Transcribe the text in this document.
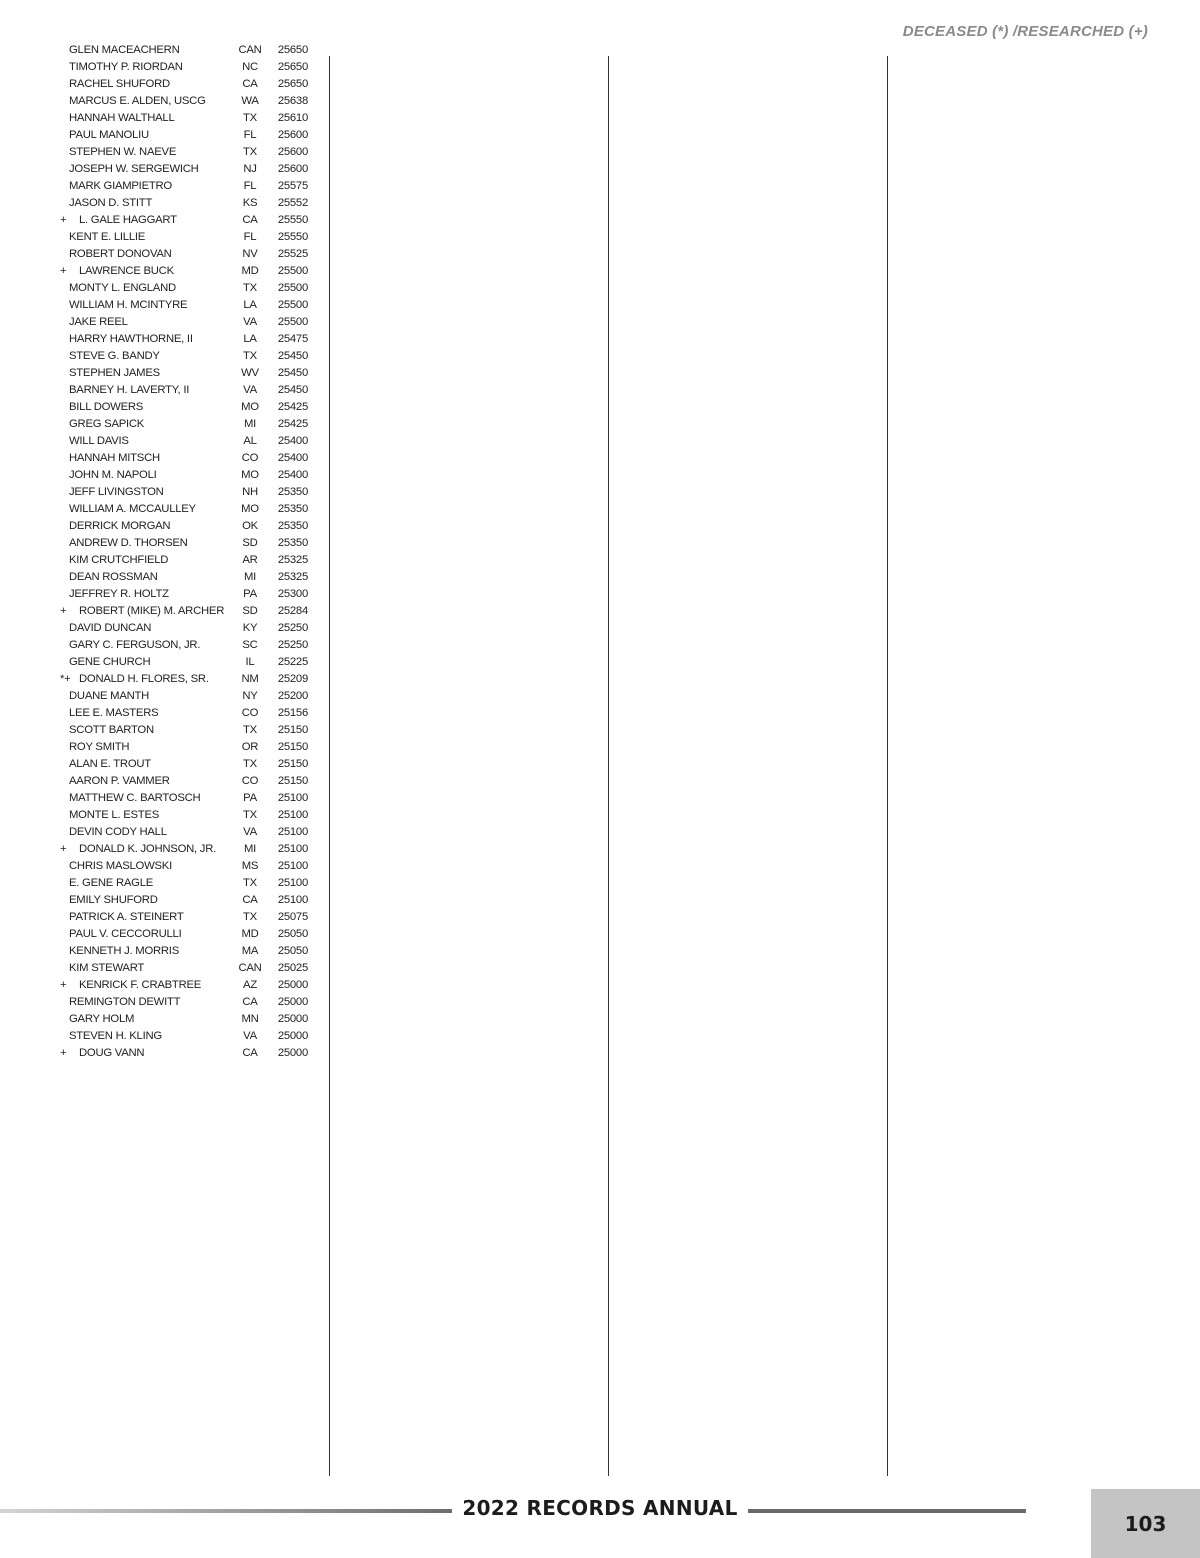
DECEASED (*) /RESEARCHED (+)
GLEN MACEACHERN	CAN	25650
TIMOTHY P. RIORDAN	NC	25650
RACHEL SHUFORD	CA	25650
MARCUS E. ALDEN, USCG	WA	25638
HANNAH WALTHALL	TX	25610
PAUL MANOLIU	FL	25600
STEPHEN W. NAEVE	TX	25600
JOSEPH W. SERGEWICH	NJ	25600
MARK GIAMPIETRO	FL	25575
JASON D. STITT	KS	25552
+	L. GALE HAGGART	CA	25550
KENT E. LILLIE	FL	25550
ROBERT DONOVAN	NV	25525
+	LAWRENCE BUCK	MD	25500
MONTY L. ENGLAND	TX	25500
WILLIAM H. MCINTYRE	LA	25500
JAKE REEL	VA	25500
HARRY HAWTHORNE, II	LA	25475
STEVE G. BANDY	TX	25450
STEPHEN JAMES	WV	25450
BARNEY H. LAVERTY, II	VA	25450
BILL DOWERS	MO	25425
GREG SAPICK	MI	25425
WILL DAVIS	AL	25400
HANNAH MITSCH	CO	25400
JOHN M. NAPOLI	MO	25400
JEFF LIVINGSTON	NH	25350
WILLIAM A. MCCAULLEY	MO	25350
DERRICK MORGAN	OK	25350
ANDREW D. THORSEN	SD	25350
KIM CRUTCHFIELD	AR	25325
DEAN ROSSMAN	MI	25325
JEFFREY R. HOLTZ	PA	25300
+	ROBERT (MIKE) M. ARCHER	SD	25284
DAVID DUNCAN	KY	25250
GARY C. FERGUSON, JR.	SC	25250
GENE CHURCH	IL	25225
*+ DONALD H. FLORES, SR.	NM	25209
DUANE MANTH	NY	25200
LEE E. MASTERS	CO	25156
SCOTT BARTON	TX	25150
ROY SMITH	OR	25150
ALAN E. TROUT	TX	25150
AARON P. VAMMER	CO	25150
MATTHEW C. BARTOSCH	PA	25100
MONTE L. ESTES	TX	25100
DEVIN CODY HALL	VA	25100
+	DONALD K. JOHNSON, JR.	MI	25100
CHRIS MASLOWSKI	MS	25100
E. GENE RAGLE	TX	25100
EMILY SHUFORD	CA	25100
PATRICK A. STEINERT	TX	25075
PAUL V. CECCORULLI	MD	25050
KENNETH J. MORRIS	MA	25050
KIM STEWART	CAN	25025
+	KENRICK F. CRABTREE	AZ	25000
REMINGTON DEWITT	CA	25000
GARY HOLM	MN	25000
STEVEN H. KLING	VA	25000
+	DOUG VANN	CA	25000
2022 RECORDS ANNUAL
103
